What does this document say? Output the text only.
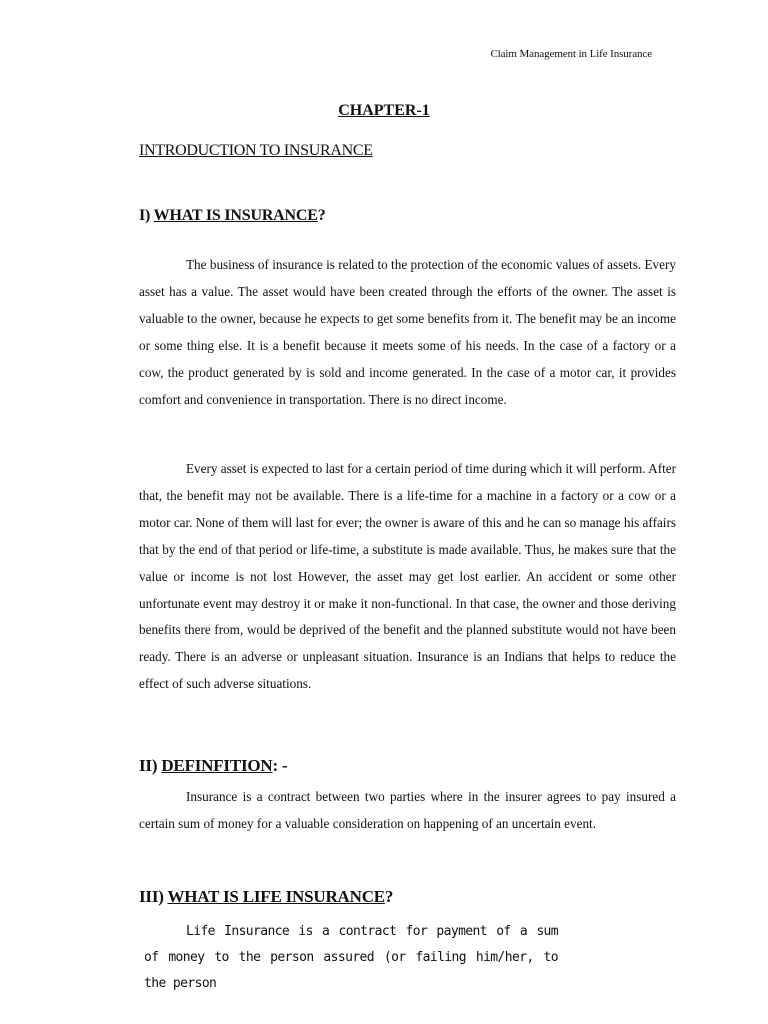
Claim Management in Life Insurance
CHAPTER-1
INTRODUCTION TO INSURANCE
I) WHAT IS INSURANCE?

The business of insurance is related to the protection of the economic values of assets. Every asset has a value. The asset would have been created through the efforts of the owner. The asset is valuable to the owner, because he expects to get some benefits from it. The benefit may be an income or some thing else. It is a benefit because it meets some of his needs. In the case of a factory or a cow, the product generated by is sold and income generated. In the case of a motor car, it provides comfort and convenience in transportation. There is no direct income.

Every asset is expected to last for a certain period of time during which it will perform. After that, the benefit may not be available. There is a life-time for a machine in a factory or a cow or a motor car. None of them will last for ever; the owner is aware of this and he can so manage his affairs that by the end of that period or life-time, a substitute is made available. Thus, he makes sure that the value or income is not lost However, the asset may get lost earlier. An accident or some other unfortunate event may destroy it or make it non-functional. In that case, the owner and those deriving benefits there from, would be deprived of the benefit and the planned substitute would not have been ready. There is an adverse or unpleasant situation. Insurance is an Indians that helps to reduce the effect of such adverse situations.

II) DEFINFITION: -

Insurance is a contract between two parties where in the insurer agrees to pay insured a certain sum of money for a valuable consideration on happening of an uncertain event.

III) WHAT IS LIFE INSURANCE?

Life Insurance is a contract for payment of a sum of money to the person assured (or failing him/her, to the person
